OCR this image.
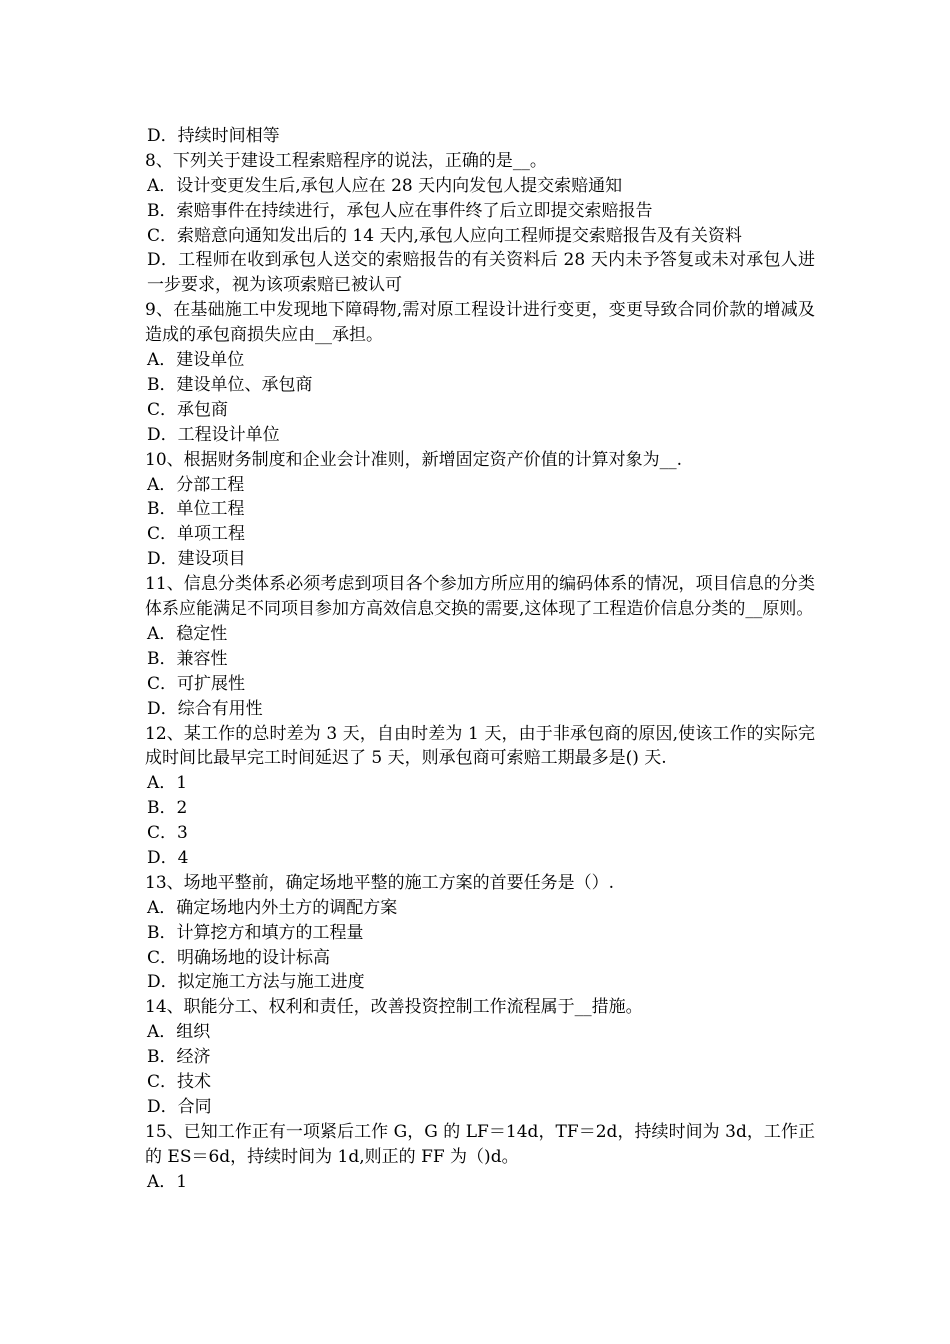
D．持续时间相等
8、下列关于建设工程索赔程序的说法，正确的是__。
A．设计变更发生后,承包人应在 28 天内向发包人提交索赔通知
B．索赔事件在持续进行，承包人应在事件终了后立即提交索赔报告
C．索赔意向通知发出后的 14 天内,承包人应向工程师提交索赔报告及有关资料
D．工程师在收到承包人送交的索赔报告的有关资料后 28 天内未予答复或未对承包人进一步要求，视为该项索赔已被认可
9、在基础施工中发现地下障碍物,需对原工程设计进行变更，变更导致合同价款的增减及造成的承包商损失应由__承担。
A．建设单位
B．建设单位、承包商
C．承包商
D．工程设计单位
10、根据财务制度和企业会计准则，新增固定资产价值的计算对象为__.
A．分部工程
B．单位工程
C．单项工程
D．建设项目
11、信息分类体系必须考虑到项目各个参加方所应用的编码体系的情况，项目信息的分类体系应能满足不同项目参加方高效信息交换的需要,这体现了工程造价信息分类的__原则。
A．稳定性
B．兼容性
C．可扩展性
D．综合有用性
12、某工作的总时差为 3 天，自由时差为 1 天，由于非承包商的原因,使该工作的实际完成时间比最早完工时间延迟了 5 天，则承包商可索赔工期最多是() 天.
A．1
B．2
C．3
D．4
13、场地平整前，确定场地平整的施工方案的首要任务是（）.
A．确定场地内外土方的调配方案
B．计算挖方和填方的工程量
C．明确场地的设计标高
D．拟定施工方法与施工进度
14、职能分工、权利和责任，改善投资控制工作流程属于__措施。
A．组织
B．经济
C．技术
D．合同
15、已知工作正有一项紧后工作 G，G 的 LF＝14d，TF＝2d，持续时间为 3d，工作正的 ES＝6d，持续时间为 1d,则正的 FF 为（)d。
A．1
